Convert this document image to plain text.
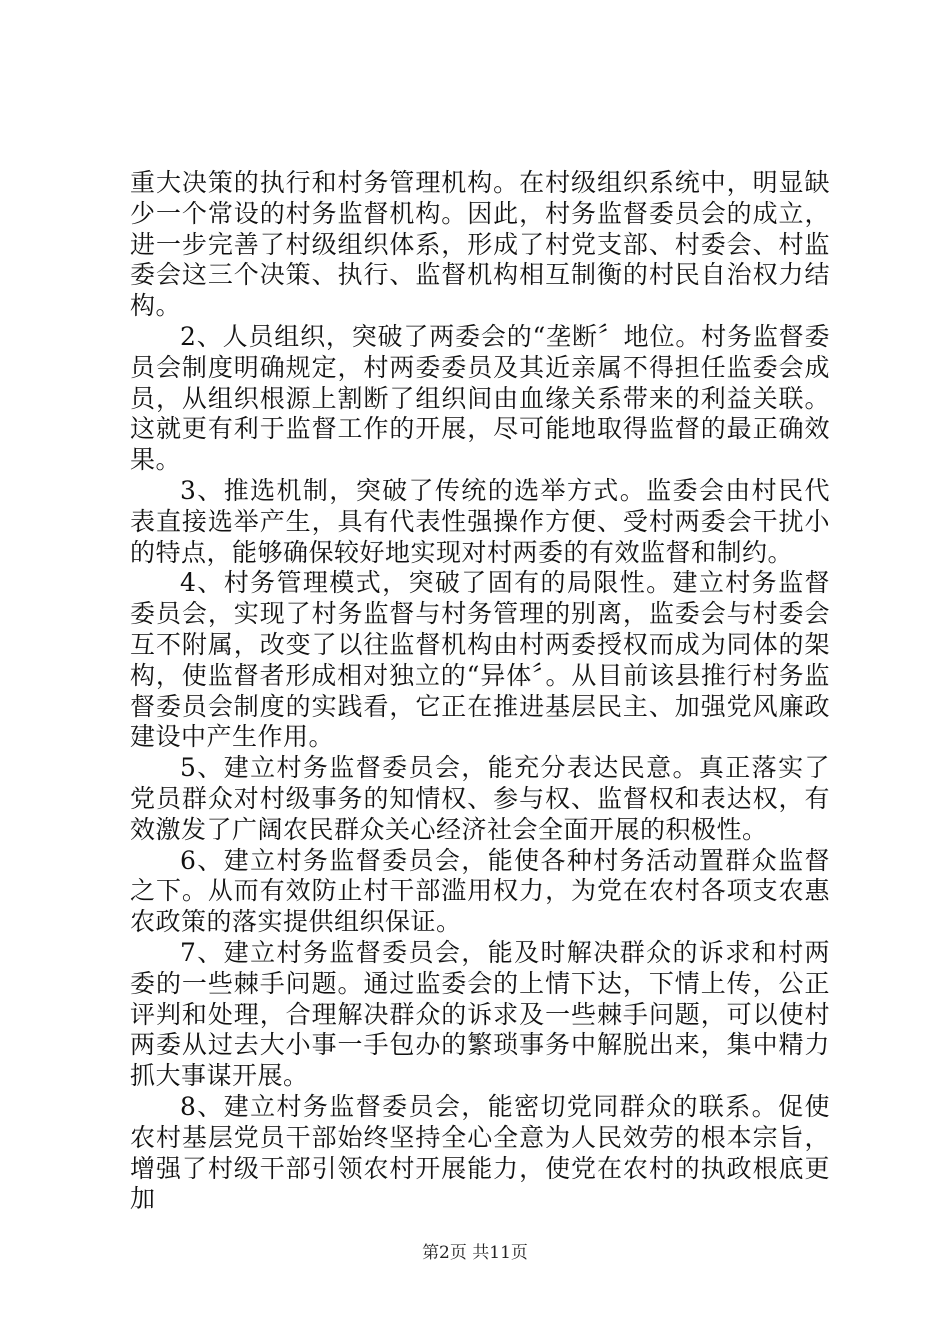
重大决策的执行和村务管理机构。在村级组织系统中，明显缺少一个常设的村务监督机构。因此，村务监督委员会的成立，进一步完善了村级组织体系，形成了村党支部、村委会、村监委会这三个决策、执行、监督机构相互制衡的村民自治权力结构。

2、人员组织，突破了两委会的“垄断〞地位。村务监督委员会制度明确规定，村两委委员及其近亲属不得担任监委会成员，从组织根源上割断了组织间由血缘关系带来的利益关联。这就更有利于监督工作的开展，尽可能地取得监督的最正确效果。

3、推选机制，突破了传统的选举方式。监委会由村民代表直接选举产生，具有代表性强操作方便、受村两委会干扰小的特点，能够确保较好地实现对村两委的有效监督和制约。

4、村务管理模式，突破了固有的局限性。建立村务监督委员会，实现了村务监督与村务管理的别离，监委会与村委会互不附属，改变了以往监督机构由村两委授权而成为同体的架构，使监督者形成相对独立的“异体〞。从目前该县推行村务监督委员会制度的实践看，它正在推进基层民主、加强党风廉政建设中产生作用。

5、建立村务监督委员会，能充分表达民意。真正落实了党员群众对村级事务的知情权、参与权、监督权和表达权，有效激发了广阔农民群众关心经济社会全面开展的积极性。

6、建立村务监督委员会，能使各种村务活动置群众监督之下。从而有效防止村干部滥用权力，为党在农村各项支农惠农政策的落实提供组织保证。

7、建立村务监督委员会，能及时解决群众的诉求和村两委的一些棘手问题。通过监委会的上情下达，下情上传，公正评判和处理，合理解决群众的诉求及一些棘手问题，可以使村两委从过去大小事一手包办的繁琐事务中解脱出来，集中精力抓大事谋开展。

8、建立村务监督委员会，能密切党同群众的联系。促使农村基层党员干部始终坚持全心全意为人民效劳的根本宗旨，增强了村级干部引领农村开展能力，使党在农村的执政根底更加

第2页 共11页
